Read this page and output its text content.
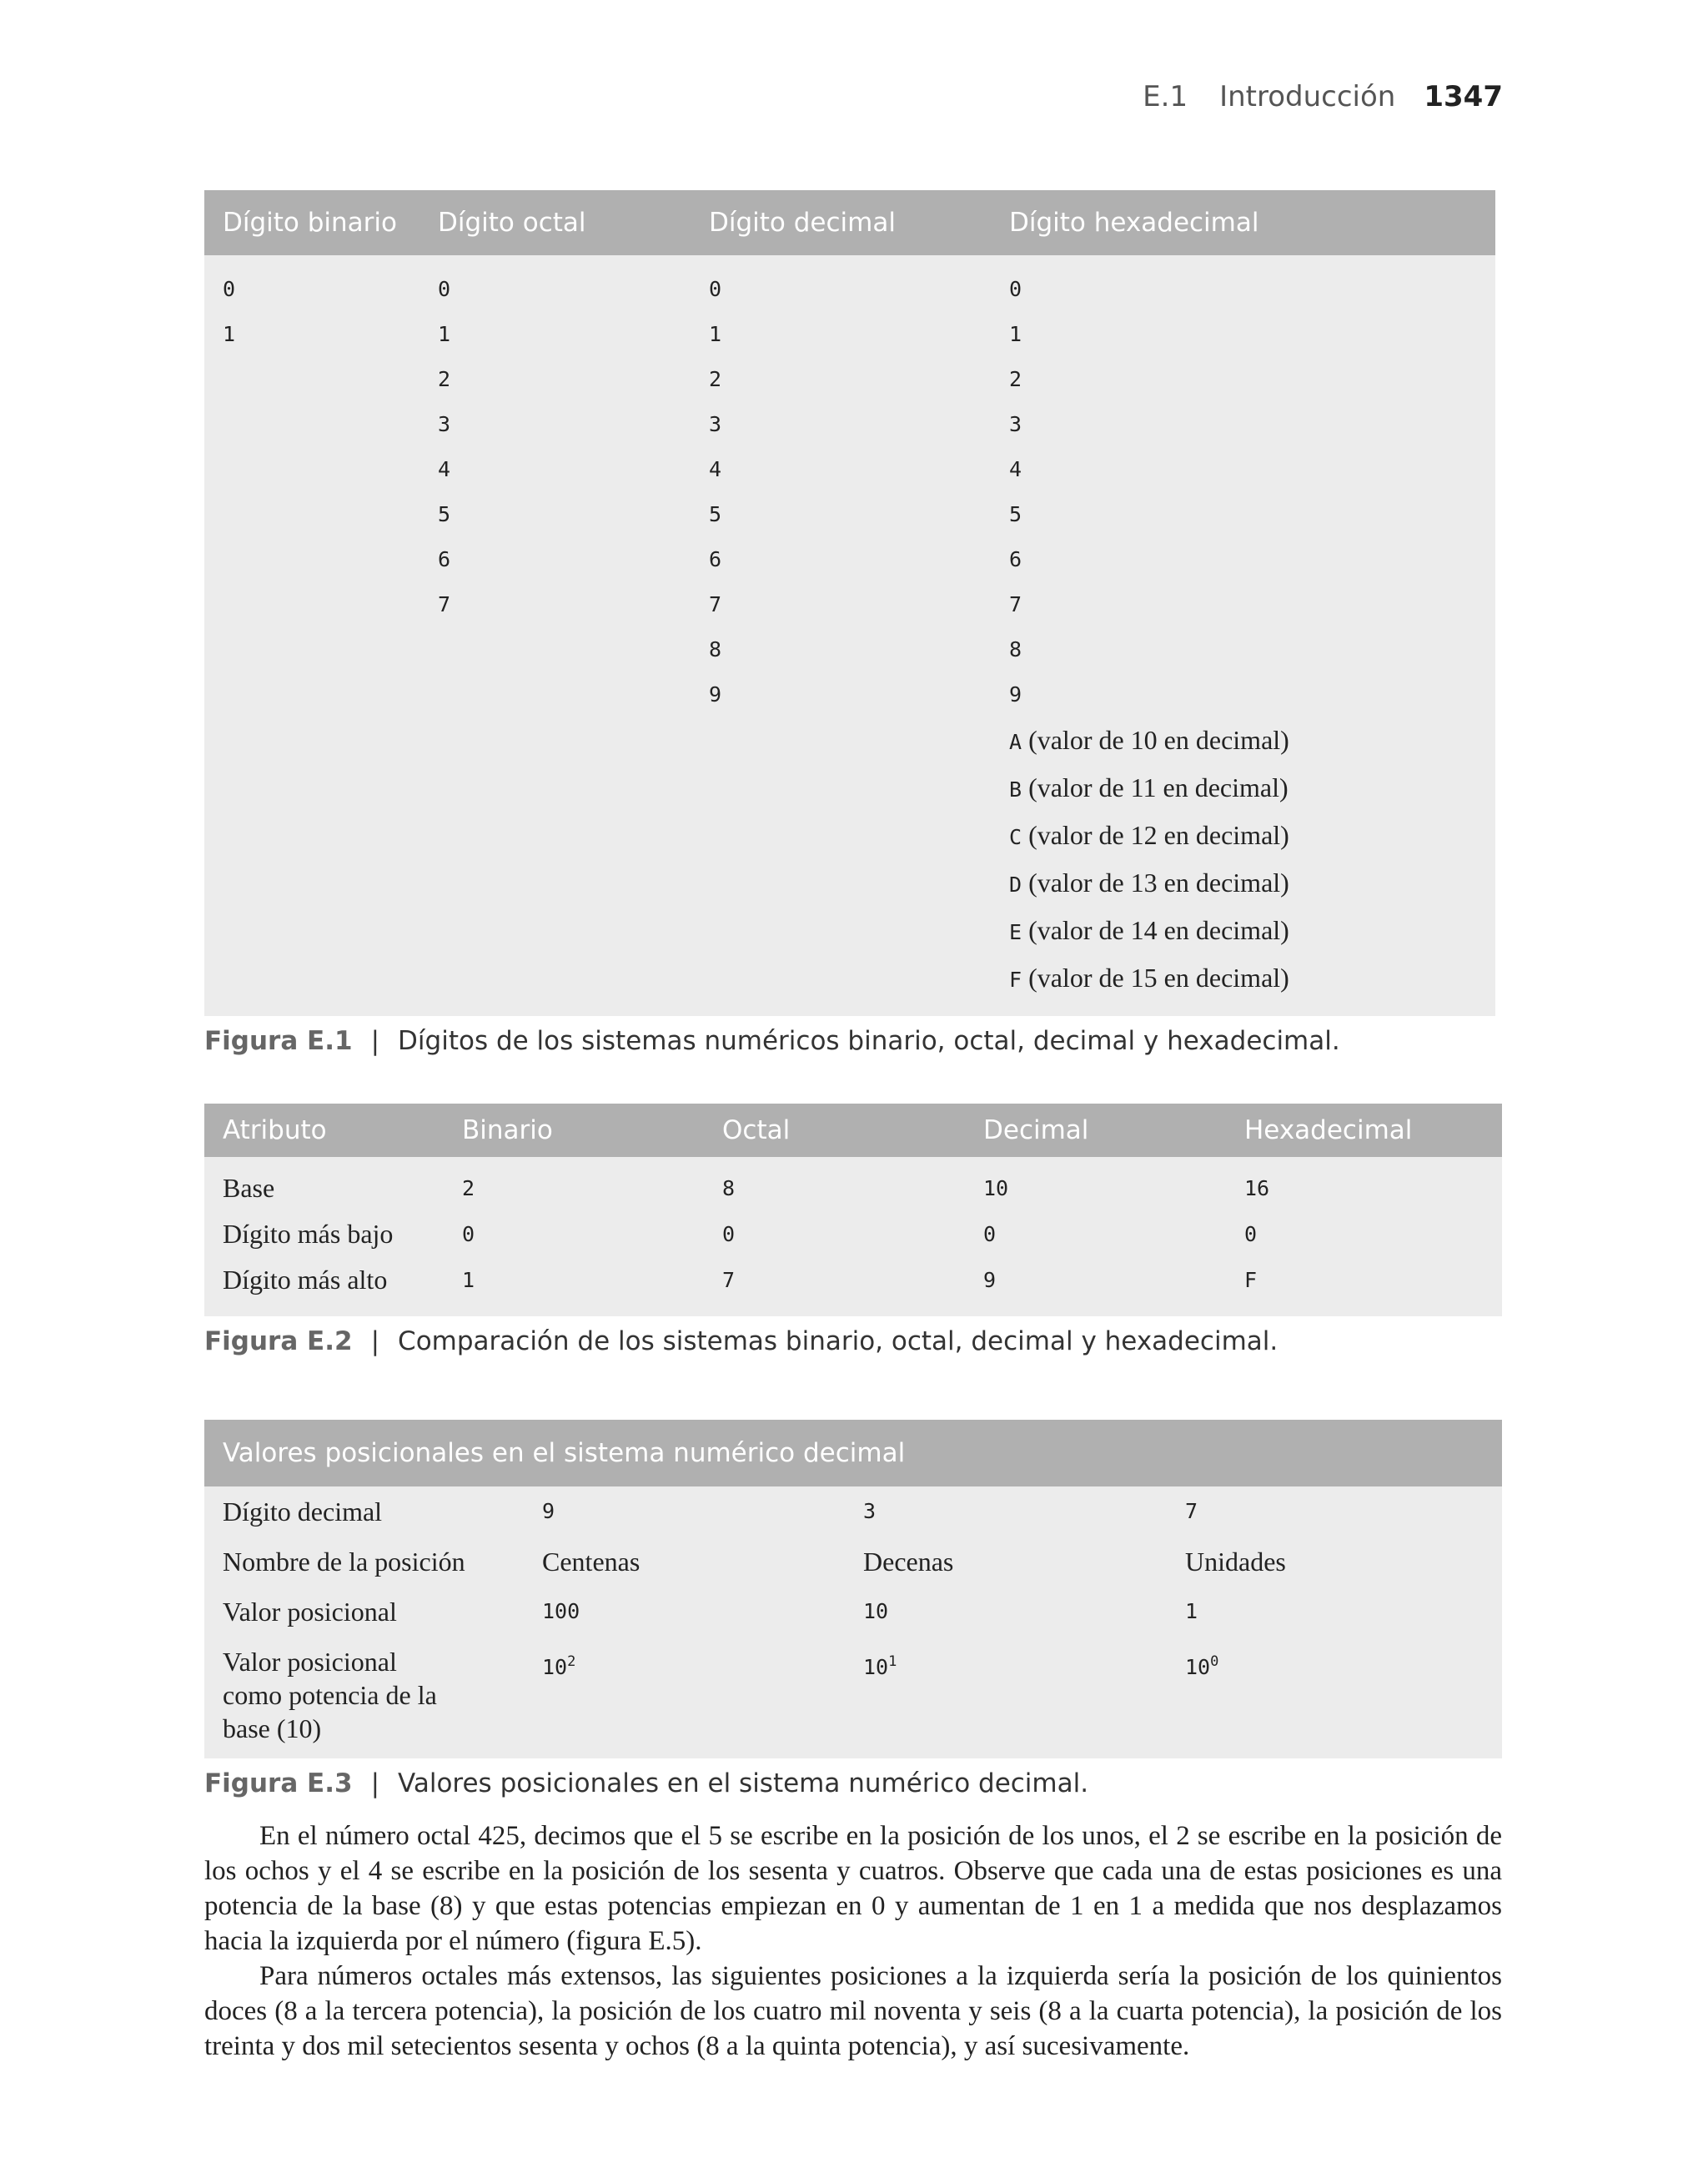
E.1 Introducción 1347
Dígito binario	Dígito octal	Dígito decimal	Dígito hexadecimal
0	0	0	0
1	1	1	1
	2	2	2
	3	3	3
	4	4	4
	5	5	5
	6	6	6
	7	7	7
		8	8
		9	9
			A (valor de 10 en decimal)
			B (valor de 11 en decimal)
			C (valor de 12 en decimal)
			D (valor de 13 en decimal)
			E (valor de 14 en decimal)
			F (valor de 15 en decimal)
Figura E.1 | Dígitos de los sistemas numéricos binario, octal, decimal y hexadecimal.
Atributo	Binario	Octal	Decimal	Hexadecimal
Base	2	8	10	16
Dígito más bajo	0	0	0	0
Dígito más alto	1	7	9	F
Figura E.2 | Comparación de los sistemas binario, octal, decimal y hexadecimal.
Valores posicionales en el sistema numérico decimal			
Dígito decimal	9	3	7
Nombre de la posición	Centenas	Decenas	Unidades
Valor posicional	100	10	1
Valor posicional como potencia de la base (10)	$10^2$	$10^1$	$10^0$
Figura E.3 | Valores posicionales en el sistema numérico decimal.

En el número octal 425, decimos que el 5 se escribe en la posición de los unos, el 2 se escribe en la posición de los ochos y el 4 se escribe en la posición de los sesenta y cuatros. Observe que cada una de estas posiciones es una potencia de la base (8) y que estas potencias empiezan en 0 y aumentan de 1 en 1 a medida que nos desplazamos hacia la izquierda por el número (figura E.5).

Para números octales más extensos, las siguientes posiciones a la izquierda sería la posición de los quinientos doces (8 a la tercera potencia), la posición de los cuatro mil noventa y seis (8 a la cuarta potencia), la posición de los treinta y dos mil setecientos sesenta y ochos (8 a la quinta potencia), y así sucesivamente.
